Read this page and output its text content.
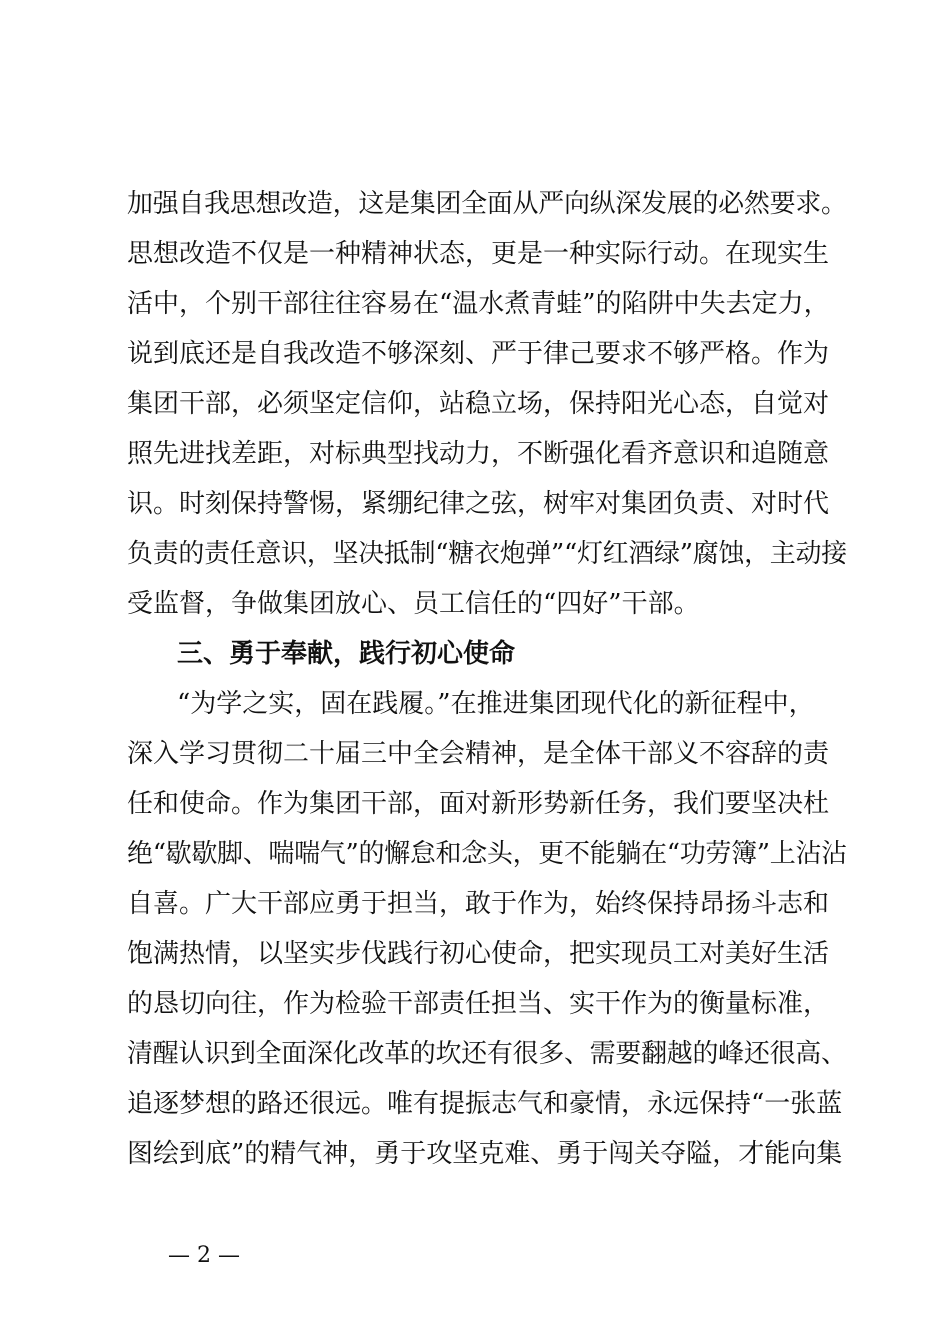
加强自我思想改造，这是集团全面从严向纵深发展的必然要求。
思想改造不仅是一种精神状态，更是一种实际行动。在现实生
活中，个别干部往往容易在“温水煮青蛙”的陷阱中失去定力，
说到底还是自我改造不够深刻、严于律己要求不够严格。作为
集团干部，必须坚定信仰，站稳立场，保持阳光心态，自觉对
照先进找差距，对标典型找动力，不断强化看齐意识和追随意
识。时刻保持警惕，紧绷纪律之弦，树牢对集团负责、对时代
负责的责任意识，坚决抵制“糖衣炮弹”“灯红酒绿”腐蚀，主动接
受监督，争做集团放心、员工信任的“四好”干部。
三、勇于奉献，践行初心使命
“为学之实，固在践履。”在推进集团现代化的新征程中，
深入学习贯彻二十届三中全会精神，是全体干部义不容辞的责
任和使命。作为集团干部，面对新形势新任务，我们要坚决杜
绝“歇歇脚、喘喘气”的懈怠和念头，更不能躺在“功劳簿”上沾沾
自喜。广大干部应勇于担当，敢于作为，始终保持昂扬斗志和
饱满热情，以坚实步伐践行初心使命，把实现员工对美好生活
的恳切向往，作为检验干部责任担当、实干作为的衡量标准，
清醒认识到全面深化改革的坎还有很多、需要翻越的峰还很高、
追逐梦想的路还很远。唯有提振志气和豪情，永远保持“一张蓝
图绘到底”的精气神，勇于攻坚克难、勇于闯关夺隘，才能向集
— 2 —
